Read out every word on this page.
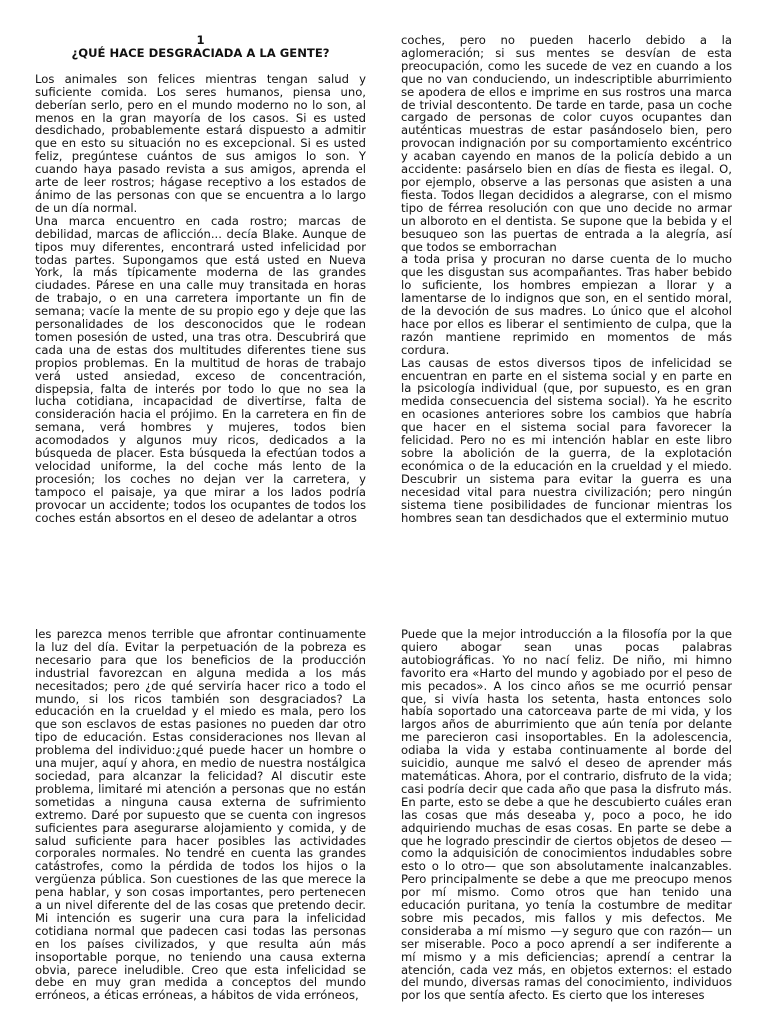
1
¿QUÉ HACE DESGRACIADA A LA GENTE?

Los animales son felices mientras tengan salud y suficiente comida. Los seres humanos, piensa uno, deberían serlo, pero en el mundo moderno no lo son, al menos en la gran mayoría de los casos. Si es usted desdichado, probablemente estará dispuesto a admitir que en esto su situación no es excepcional. Si es usted feliz, pregúntese cuántos de sus amigos lo son. Y cuando haya pasado revista a sus amigos, aprenda el arte de leer rostros; hágase receptivo a los estados de ánimo de las personas con que se encuentra a lo largo de un día normal.

Una marca encuentro en cada rostro; marcas de debilidad, marcas de aflicción... decía Blake. Aunque de tipos muy diferentes, encontrará usted infelicidad por todas partes. Supongamos que está usted en Nueva York, la más típicamente moderna de las grandes ciudades. Párese en una calle muy transitada en horas de trabajo, o en una carretera importante un fin de semana; vacíe la mente de su propio ego y deje que las personalidades de los desconocidos que le rodean tomen posesión de usted, una tras otra. Descubrirá que cada una de estas dos multitudes diferentes tiene sus propios problemas. En la multitud de horas de trabajo verá usted ansiedad, exceso de concentración, dispepsia, falta de interés por todo lo que no sea la lucha cotidiana, incapacidad de divertirse, falta de consideración hacia el prójimo. En la carretera en fin de semana, verá hombres y mujeres, todos bien acomodados y algunos muy ricos, dedicados a la búsqueda de placer. Esta búsqueda la efectúan todos a velocidad uniforme, la del coche más lento de la procesión; los coches no dejan ver la carretera, y tampoco el paisaje, ya que mirar a los lados podría provocar un accidente; todos los ocupantes de todos los coches están absortos en el deseo de adelantar a otros

coches, pero no pueden hacerlo debido a la aglomeración; si sus mentes se desvían de esta preocupación, como les sucede de vez en cuando a los que no van conduciendo, un indescriptible aburrimiento se apodera de ellos e imprime en sus rostros una marca de trivial descontento. De tarde en tarde, pasa un coche cargado de personas de color cuyos ocupantes dan auténticas muestras de estar pasándoselo bien, pero provocan indignación por su comportamiento excéntrico y acaban cayendo en manos de la policía debido a un accidente: pasárselo bien en días de fiesta es ilegal. O, por ejemplo, observe a las personas que asisten a una fiesta. Todos llegan decididos a alegrarse, con el mismo tipo de férrea resolución con que uno decide no armar un alboroto en el dentista. Se supone que la bebida y el besuqueo son las puertas de entrada a la alegría, así que todos se emborrachan

a toda prisa y procuran no darse cuenta de lo mucho que les disgustan sus acompañantes. Tras haber bebido lo suficiente, los hombres empiezan a llorar y a lamentarse de lo indignos que son, en el sentido moral, de la devoción de sus madres. Lo único que el alcohol hace por ellos es liberar el sentimiento de culpa, que la razón mantiene reprimido en momentos de más cordura.

Las causas de estos diversos tipos de infelicidad se encuentran en parte en el sistema social y en parte en la psicología individual (que, por supuesto, es en gran medida consecuencia del sistema social). Ya he escrito en ocasiones anteriores sobre los cambios que habría que hacer en el sistema social para favorecer la felicidad. Pero no es mi intención hablar en este libro sobre la abolición de la guerra, de la explotación económica o de la educación en la crueldad y el miedo. Descubrir un sistema para evitar la guerra es una necesidad vital para nuestra civilización; pero ningún sistema tiene posibilidades de funcionar mientras los hombres sean tan desdichados que el exterminio mutuo

les parezca menos terrible que afrontar continuamente la luz del día. Evitar la perpetuación de la pobreza es necesario para que los beneficios de la producción industrial favorezcan en alguna medida a los más necesitados; pero ¿de qué serviría hacer rico a todo el mundo, si los ricos también son desgraciados? La educación en la crueldad y el miedo es mala, pero los que son esclavos de estas pasiones no pueden dar otro tipo de educación. Estas consideraciones nos llevan al problema del individuo:¿qué puede hacer un hombre o una mujer, aquí y ahora, en medio de nuestra nostálgica sociedad, para alcanzar la felicidad? Al discutir este problema, limitaré mi atención a personas que no están sometidas a ninguna causa externa de sufrimiento extremo. Daré por supuesto que se cuenta con ingresos suficientes para asegurarse alojamiento y comida, y de salud suficiente para hacer posibles las actividades corporales normales. No tendré en cuenta las grandes catástrofes, como la pérdida de todos los hijos o la vergüenza pública. Son cuestiones de las que merece la pena hablar, y son cosas importantes, pero pertenecen a un nivel diferente del de las cosas que pretendo decir. Mi intención es sugerir una cura para la infelicidad cotidiana normal que padecen casi todas las personas en los países civilizados, y que resulta aún más insoportable porque, no teniendo una causa externa obvia, parece ineludible. Creo que esta infelicidad se debe en muy gran medida a conceptos del mundo erróneos, a éticas erróneas, a hábitos de vida erróneos,

Puede que la mejor introducción a la filosofía por la que quiero abogar sean unas pocas palabras autobiográficas. Yo no nací feliz. De niño, mi himno favorito era «Harto del mundo y agobiado por el peso de mis pecados». A los cinco años se me ocurrió pensar que, si vivía hasta los setenta, hasta entonces solo había soportado una catorceava parte de mi vida, y los largos años de aburrimiento que aún tenía por delante me parecieron casi insoportables. En la adolescencia, odiaba la vida y estaba continuamente al borde del suicidio, aunque me salvó el deseo de aprender más matemáticas. Ahora, por el contrario, disfruto de la vida; casi podría decir que cada año que pasa la disfruto más. En parte, esto se debe a que he descubierto cuáles eran las cosas que más deseaba y, poco a poco, he ido adquiriendo muchas de esas cosas. En parte se debe a que he logrado prescindir de ciertos objetos de deseo —como la adquisición de conocimientos indudables sobre esto o lo otro— que son absolutamente inalcanzables. Pero principalmente se debe a que me preocupo menos por mí mismo. Como otros que han tenido una educación puritana, yo tenía la costumbre de meditar sobre mis pecados, mis fallos y mis defectos. Me consideraba a mí mismo —y seguro que con razón— un ser miserable. Poco a poco aprendí a ser indiferente a mí mismo y a mis deficiencias; aprendí a centrar la atención, cada vez más, en objetos externos: el estado del mundo, diversas ramas del conocimiento, individuos por los que sentía afecto. Es cierto que los intereses
